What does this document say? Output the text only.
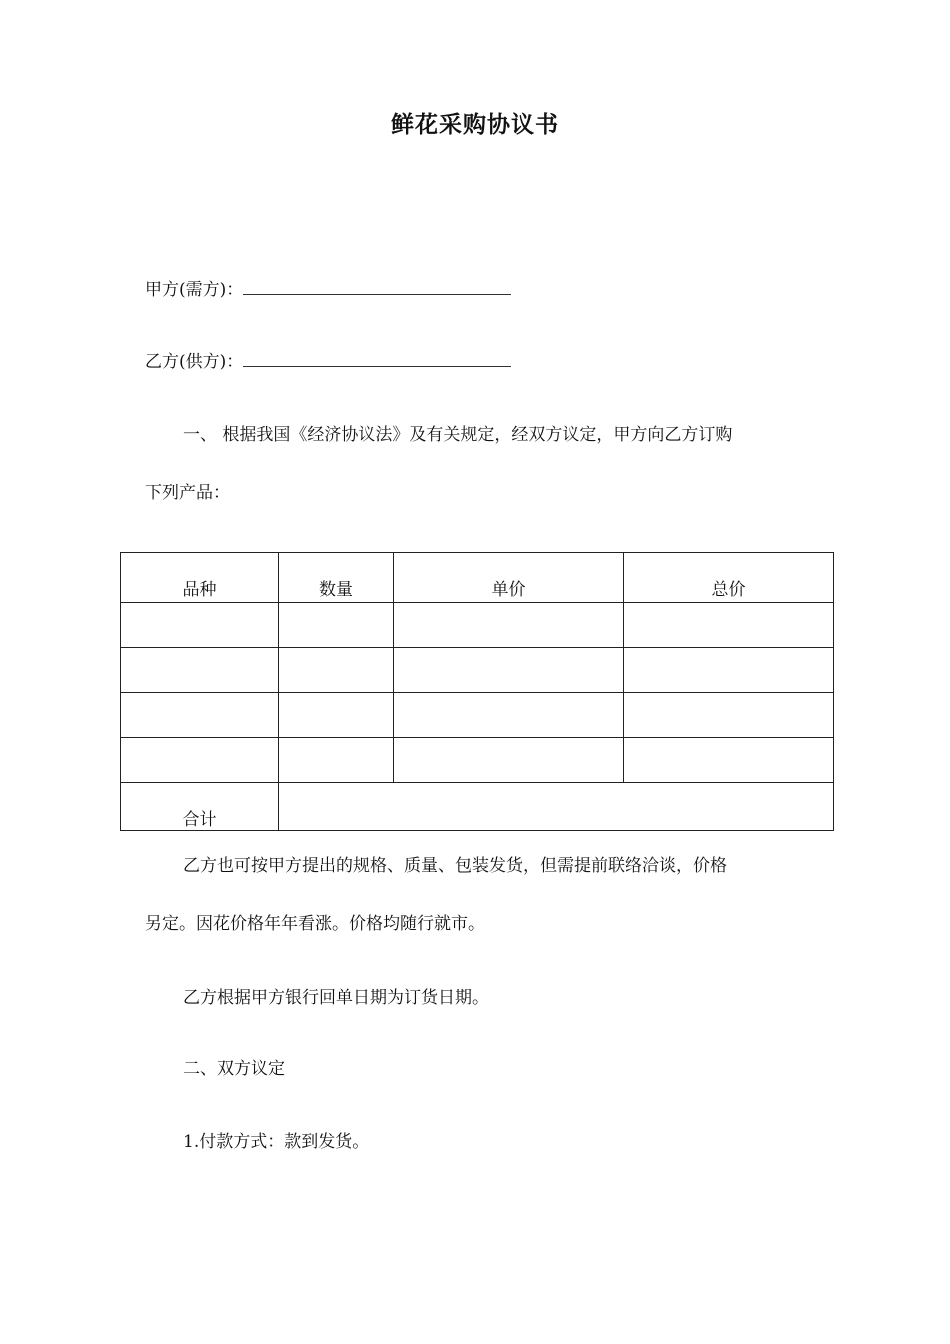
鲜花采购协议书
甲方(需方)：
乙方(供方)：
一、 根据我国《经济协议法》及有关规定，经双方议定，甲方向乙方订购
下列产品：
品种	数量	单价	总价

合计			
乙方也可按甲方提出的规格、质量、包装发货，但需提前联络洽谈，价格
另定。因花价格年年看涨。价格均随行就市。
乙方根据甲方银行回单日期为订货日期。
二、双方议定
1.付款方式：款到发货。
